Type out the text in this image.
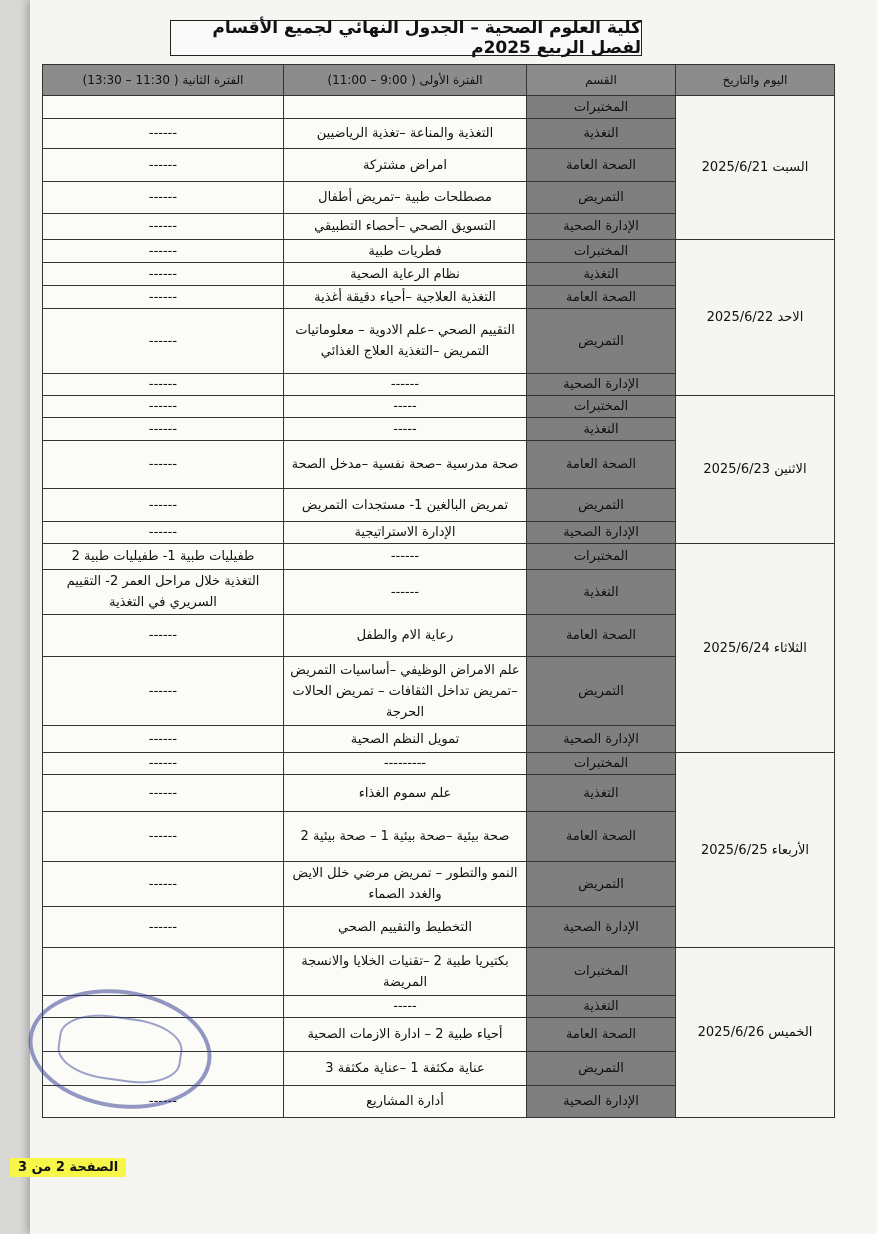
كلية العلوم الصحية – الجدول النهائي لجميع الأقسام لفصل الربيع 2025م
اليوم والتاريخ	القسم	الفترة الأولى ( 9:00 – 11:00)	الفترة الثانية ( 11:30 – 13:30)
السبت 2025/6/21	المختبرات		
	التغذية	التغذية والمناعة –تغذية الرياضيين	------
	الصحة العامة	امراض مشتركة	------
	التمريض	مصطلحات طبية –تمريض أطفال	------
	الإدارة الصحية	التسويق الصحي –أحصاء التطبيقي	------
الاحد 2025/6/22	المختبرات	فطريات طبية	------
	التغذية	نظام الرعاية الصحية	------
	الصحة العامة	التغذية العلاجية –أحياء دقيقة أغذية	------
	التمريض	التقييم الصحي –علم الادوية – معلوماتيات التمريض –التغذية العلاج الغذائي	------
	الإدارة الصحية	------	------
الاثنين 2025/6/23	المختبرات	-----	------
	التغذية	-----	------
	الصحة العامة	صحة مدرسية –صحة نفسية –مدخل الصحة	------
	التمريض	تمريض البالغين 1- مستجدات التمريض	------
	الإدارة الصحية	الإدارة الاستراتيجية	------
الثلاثاء 2025/6/24	المختبرات	------	طفيليات طبية 1- طفيليات طبية 2
	التغذية	------	التغذية خلال مراحل العمر 2- التقييم السريري في التغذية
	الصحة العامة	رعاية الام والطفل	------
	التمريض	علم الامراض الوظيفي –أساسيات التمريض –تمريض تداخل الثقافات – تمريض الحالات الحرجة	------
	الإدارة الصحية	تمويل النظم الصحية	------
الأربعاء 2025/6/25	المختبرات	---------	------
	التغذية	علم سموم الغذاء	------
	الصحة العامة	صحة بيئية –صحة بيئية 1 – صحة بيئية 2	------
	التمريض	النمو والتطور – تمريض مرضي خلل الايض والغدد الصماء	------
	الإدارة الصحية	التخطيط والتقييم الصحي	------
الخميس 2025/6/26	المختبرات	بكتيريا طبية 2 –تقنيات الخلايا والانسجة المريضة	
	التغذية	-----	
	الصحة العامة	أحياء طبية 2 – ادارة الازمات الصحية	
	التمريض	عناية مكثفة 1 –عناية مكثفة 3	
	الإدارة الصحية	أدارة المشاريع	------
الصفحة 2 من 3
